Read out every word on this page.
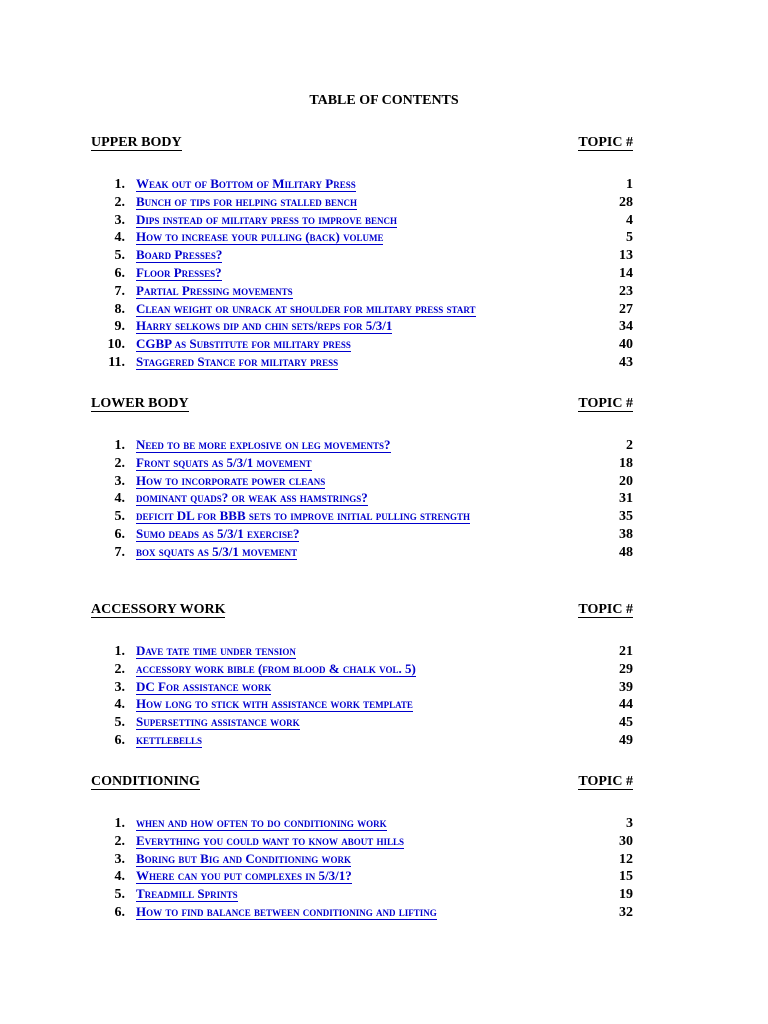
TABLE OF CONTENTS
UPPER BODY	TOPIC #
1. Weak out of Bottom of Military Press	1
2. Bunch of tips for helping stalled bench	28
3. Dips instead of military press to improve bench	4
4. How to increase your pulling (back) volume	5
5. Board Presses?	13
6. Floor Presses?	14
7. Partial Pressing movements	23
8. Clean weight or unrack at shoulder for military press start	27
9. Harry selkows dip and chin sets/reps for 5/3/1	34
10. CGBP as Substitute for military press	40
11. Staggered Stance for military press	43
LOWER BODY	TOPIC #
1. Need to be more explosive on leg movements?	2
2. Front squats as 5/3/1 movement	18
3. How to incorporate power cleans	20
4. dominant quads? or weak ass hamstrings?	31
5. deficit DL for BBB sets to improve initial pulling strength	35
6. Sumo deads as 5/3/1 exercise?	38
7. box squats as 5/3/1 movement	48
ACCESSORY WORK	TOPIC #
1. Dave tate time under tension	21
2. accessory work bible (from blood & chalk vol. 5)	29
3. DC For assistance work	39
4. How long to stick with assistance work template	44
5. Supersetting assistance work	45
6. kettlebells	49
CONDITIONING	TOPIC #
1. when and how often to do conditioning work	3
2. Everything you could want to know about hills	30
3. Boring but Big and Conditioning work	12
4. Where can you put complexes in 5/3/1?	15
5. Treadmill Sprints	19
6. How to find balance between conditioning and lifting	32
